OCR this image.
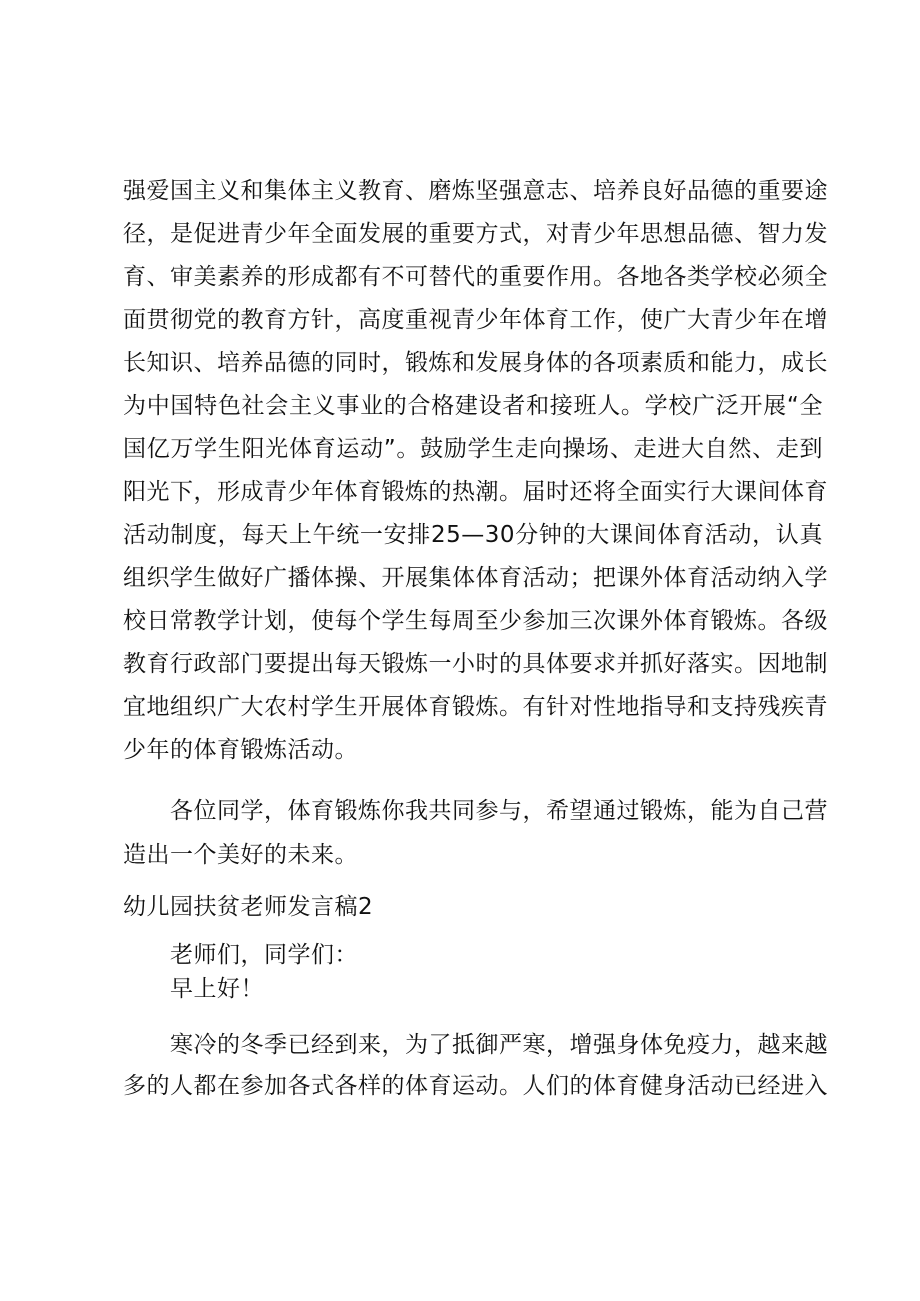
强爱国主义和集体主义教育、磨炼坚强意志、培养良好品德的重要途
径，是促进青少年全面发展的重要方式，对青少年思想品德、智力发
育、审美素养的形成都有不可替代的重要作用。各地各类学校必须全
面贯彻党的教育方针，高度重视青少年体育工作，使广大青少年在增
长知识、培养品德的同时，锻炼和发展身体的各项素质和能力，成长
为中国特色社会主义事业的合格建设者和接班人。学校广泛开展“全
国亿万学生阳光体育运动”。鼓励学生走向操场、走进大自然、走到
阳光下，形成青少年体育锻炼的热潮。届时还将全面实行大课间体育
活动制度，每天上午统一安排25—30分钟的大课间体育活动，认真
组织学生做好广播体操、开展集体体育活动；把课外体育活动纳入学
校日常教学计划，使每个学生每周至少参加三次课外体育锻炼。各级
教育行政部门要提出每天锻炼一小时的具体要求并抓好落实。因地制
宜地组织广大农村学生开展体育锻炼。有针对性地指导和支持残疾青
少年的体育锻炼活动。
各位同学，体育锻炼你我共同参与，希望通过锻炼，能为自己营
造出一个美好的未来。
幼儿园扶贫老师发言稿2
老师们，同学们：
早上好！
寒冷的冬季已经到来，为了抵御严寒，增强身体免疫力，越来越
多的人都在参加各式各样的体育运动。人们的体育健身活动已经进入
